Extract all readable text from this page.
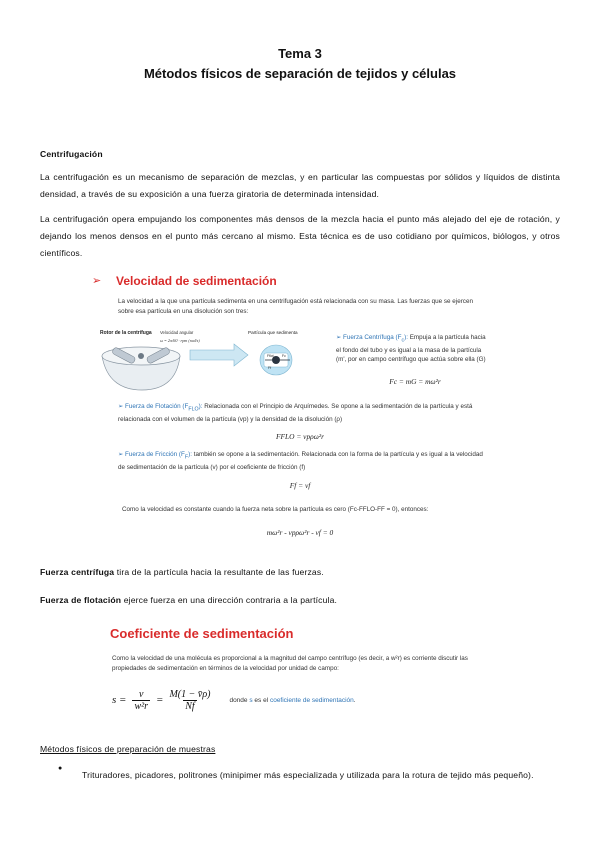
Tema 3
Métodos físicos de separación de tejidos y células
Centrifugación
La centrifugación es un mecanismo de separación de mezclas, y en particular las compuestas por sólidos y líquidos de distinta densidad, a través de su exposición a una fuerza giratoria de determinada intensidad.
La centrifugación opera empujando los componentes más densos de la mezcla hacia el punto más alejado del eje de rotación, y dejando los menos densos en el punto más cercano al mismo. Esta técnica es de uso cotidiano por químicos, biólogos, y otros científicos.
➢ Velocidad de sedimentación
La velocidad a la que una partícula sedimenta en una centrifugación está relacionada con su masa. Las fuerzas que se ejercen sobre esa partícula en una disolución son tres:
Rotor de la centrífuga Velocidad angular
ω = 2π/60 · rpm (rad/s)
Partícula que sedimenta
Fflot Fc
Ff
➢ Fuerza Centrífuga $(F_c)$: Empuja a la partícula hacia el fondo del tubo y es igual a la masa de la partícula (m', por en campo centrífugo que actúa sobre ella (G)
Fc = mG = mω²r
➢ Fuerza de Flotación $(F_{FLO})$: Relacionada con el Principio de Arquímedes. Se opone a la sedimentación de la partícula y está relacionada con el volumen de la partícula (vp) y la densidad de la disolución (ρ)
FFLO = vpρω²r
➢ Fuerza de Fricción $(F_F)$: también se opone a la sedimentación. Relacionada con la forma de la partícula y es igual a la velocidad de sedimentación de la partícula (v) por el coeficiente de fricción (f)
Ff = vf
Como la velocidad es constante cuando la fuerza neta sobre la partícula es cero (Fc-FFLO-FF = 0), entonces:
mω²r - vpρω²r - vf = 0
Fuerza centrífuga tira de la partícula hacia la resultante de las fuerzas.
Fuerza de flotación ejerce fuerza en una dirección contraria a la partícula.
Coeficiente de sedimentación
Como la velocidad de una molécula es proporcional a la magnitud del campo centrífugo (es decir, a w²r) es corriente discutir las propiedades de sedimentación en términos de la velocidad por unidad de campo:
$s = \frac{v}{\text{w²r}} = \frac{M(1 - v̄\rho)}{Nf}$	donde s es el coeficiente de sedimentación.
Métodos físicos de preparación de muestras
●
Trituradores, picadores, politrones (minipimer más especializada y utilizada para la rotura de tejido más pequeño).
